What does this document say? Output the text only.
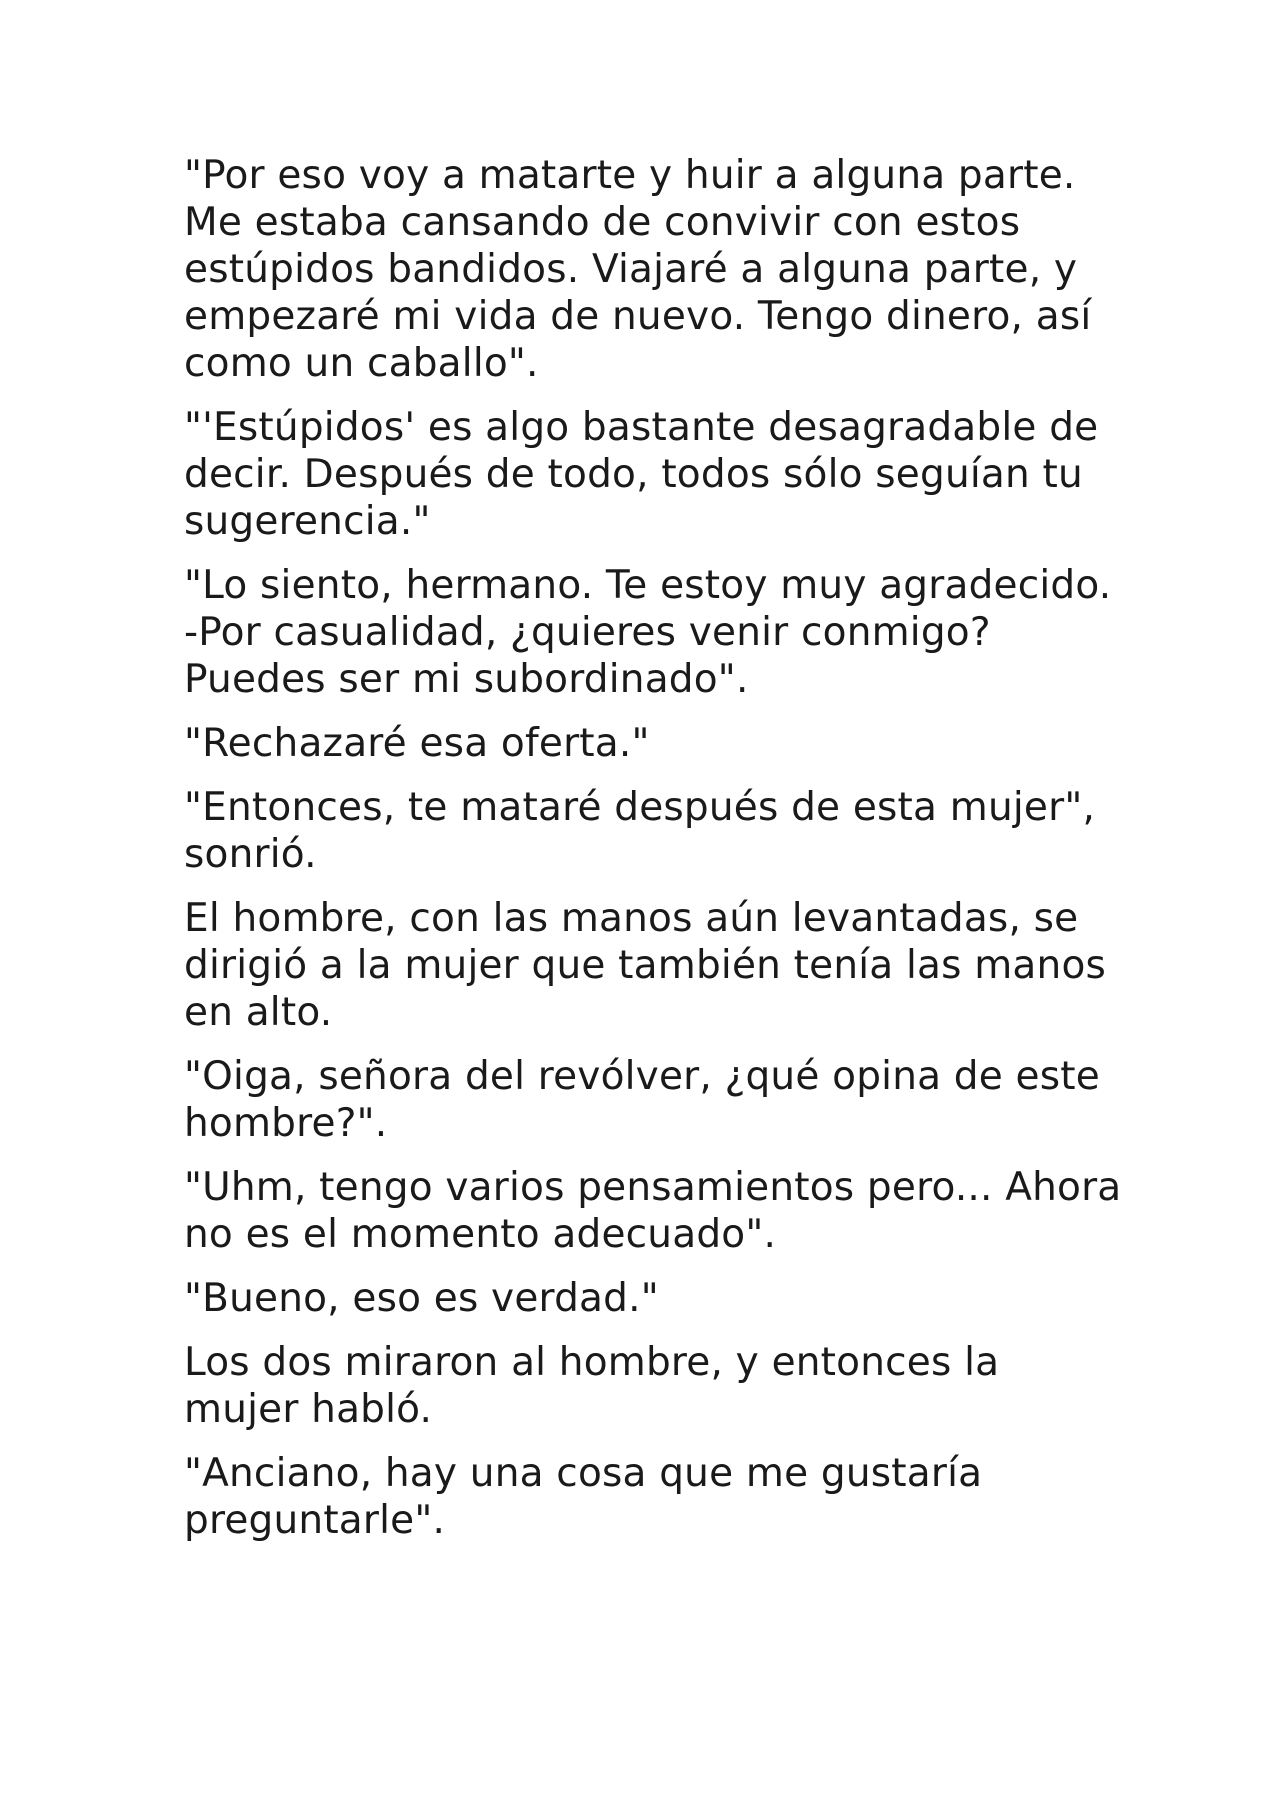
"Por eso voy a matarte y huir a alguna parte. Me estaba cansando de convivir con estos estúpidos bandidos. Viajaré a alguna parte, y empezaré mi vida de nuevo. Tengo dinero, así como un caballo".

"'Estúpidos' es algo bastante desagradable de decir. Después de todo, todos sólo seguían tu sugerencia."

"Lo siento, hermano. Te estoy muy agradecido. -Por casualidad, ¿quieres venir conmigo? Puedes ser mi subordinado".

"Rechazaré esa oferta."

"Entonces, te mataré después de esta mujer", sonrió.

El hombre, con las manos aún levantadas, se dirigió a la mujer que también tenía las manos en alto.

"Oiga, señora del revólver, ¿qué opina de este hombre?".

"Uhm, tengo varios pensamientos pero... Ahora no es el momento adecuado".

"Bueno, eso es verdad."

Los dos miraron al hombre, y entonces la mujer habló.

"Anciano, hay una cosa que me gustaría preguntarle".
